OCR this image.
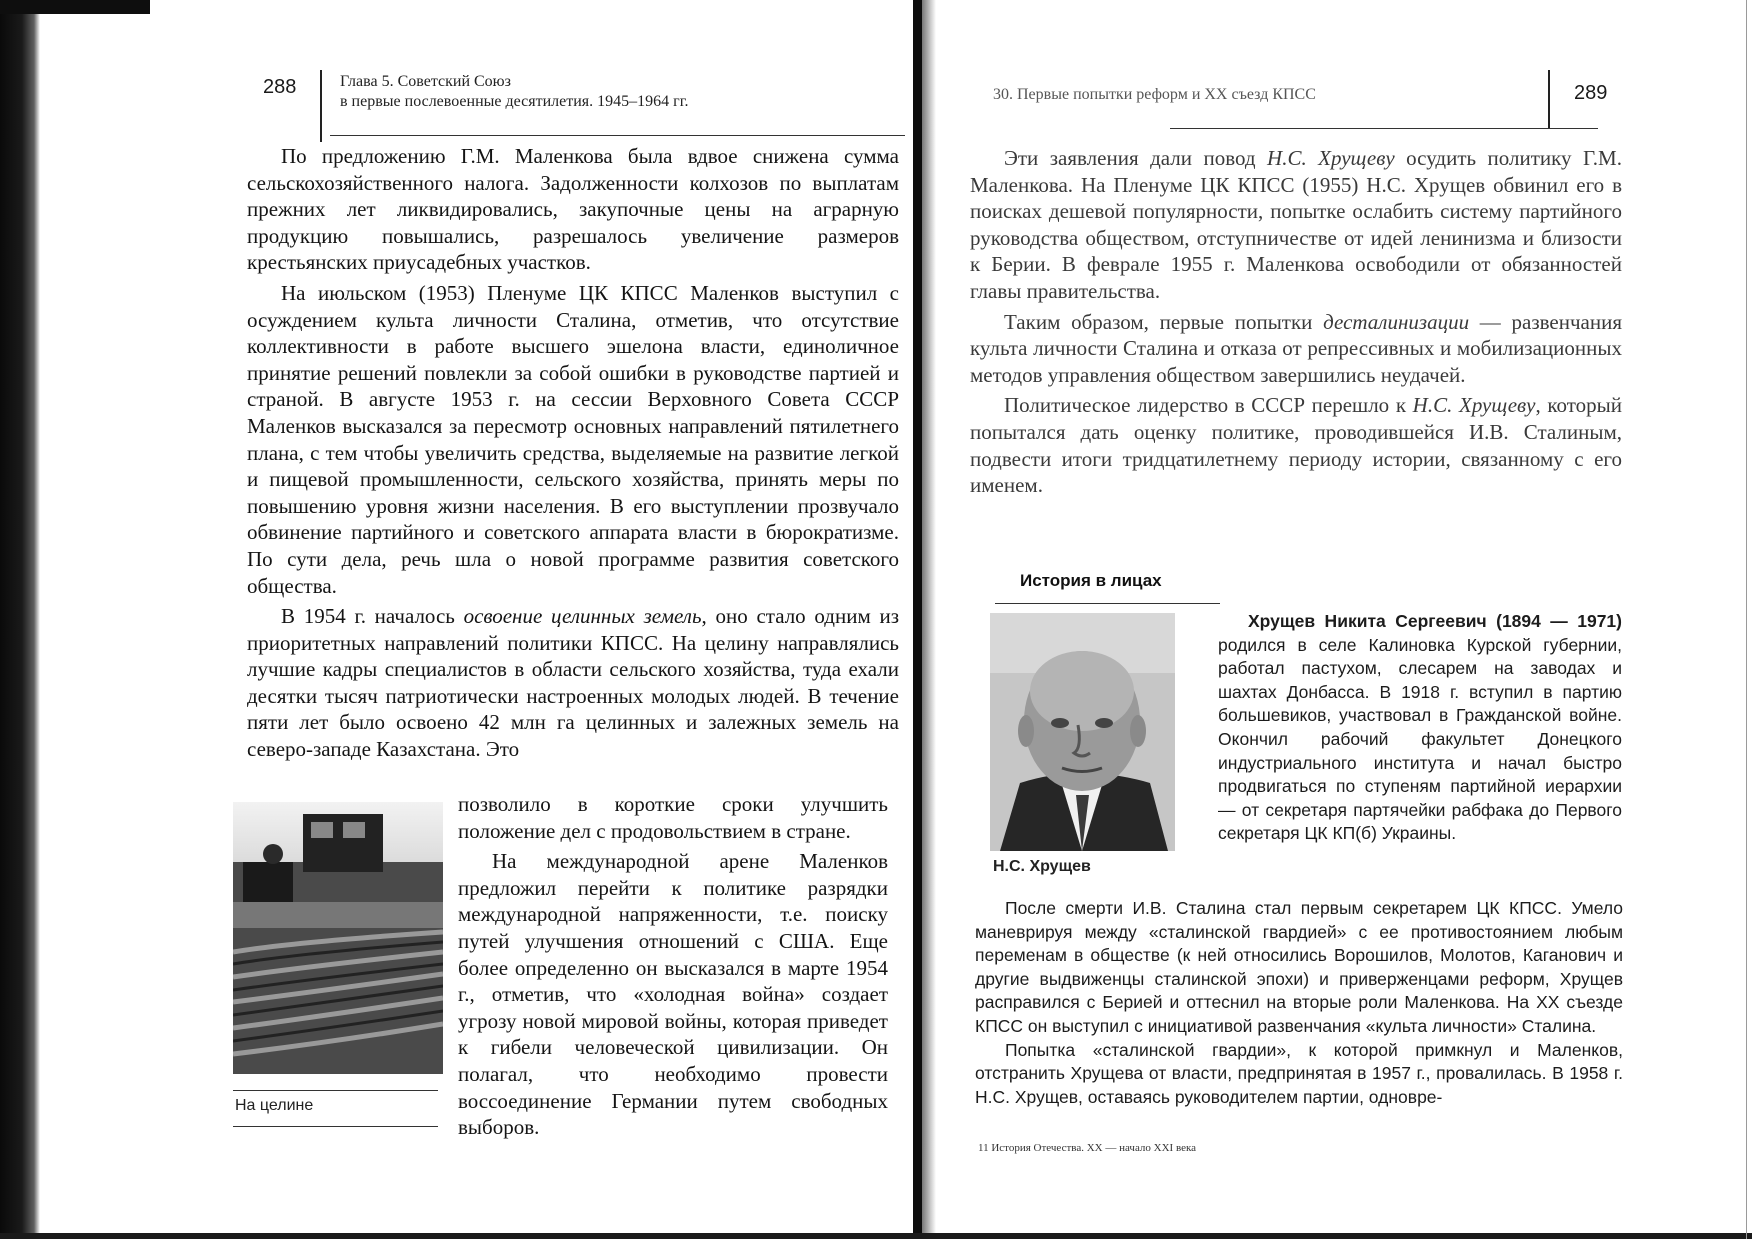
288	Глава 5. Советский Союз
в первые послевоенные десятилетия. 1945–1964 гг.

По предложению Г.М. Маленкова была вдвое снижена сумма сельскохозяйственного налога. Задолженности колхозов по выплатам прежних лет ликвидировались, закупочные цены на аграрную продукцию повышались, разрешалось увеличение размеров крестьянских приусадебных участков.

На июльском (1953) Пленуме ЦК КПСС Маленков выступил с осуждением культа личности Сталина, отметив, что отсутствие коллективности в работе высшего эшелона власти, единоличное принятие решений повлекли за собой ошибки в руководстве партией и страной. В августе 1953 г. на сессии Верховного Совета СССР Маленков высказался за пересмотр основных направлений пятилетнего плана, с тем чтобы увеличить средства, выделяемые на развитие легкой и пищевой промышленности, сельского хозяйства, принять меры по повышению уровня жизни населения. В его выступлении прозвучало обвинение партийного и советского аппарата власти в бюрократизме. По сути дела, речь шла о новой программе развития советского общества.

В 1954 г. началось освоение целинных земель, оно стало одним из приоритетных направлений политики КПСС. На целину направлялись лучшие кадры специалистов в области сельского хозяйства, туда ехали десятки тысяч патриотически настроенных молодых людей. В течение пяти лет было освоено 42 млн га целинных и залежных земель на северо-западе Казахстана. Это

На целине

позволило в короткие сроки улучшить положение дел с продовольствием в стране.

На международной арене Маленков предложил перейти к политике разрядки международной напряженности, т.е. поиску путей улучшения отношений с США. Еще более определенно он высказался в марте 1954 г., отметив, что «холодная война» создает угрозу новой мировой войны, которая приведет к гибели человеческой цивилизации. Он полагал, что необходимо провести воссоединение Германии путем свободных выборов.

30. Первые попытки реформ и XX съезд КПСС	289

Эти заявления дали повод Н.С. Хрущеву осудить политику Г.М. Маленкова. На Пленуме ЦК КПСС (1955) Н.С. Хрущев обвинил его в поисках дешевой популярности, попытке ослабить систему партийного руководства обществом, отступничестве от идей ленинизма и близости к Берии. В феврале 1955 г. Маленкова освободили от обязанностей главы правительства.

Таким образом, первые попытки десталинизации — развенчания культа личности Сталина и отказа от репрессивных и мобилизационных методов управления обществом завершились неудачей.

Политическое лидерство в СССР перешло к Н.С. Хрущеву, который попытался дать оценку политике, проводившейся И.В. Сталиным, подвести итоги тридцатилетнему периоду истории, связанному с его именем.

История в лицах
Н.С. Хрущев

Хрущев Никита Сергеевич (1894 — 1971) родился в селе Калиновка Курской губернии, работал пастухом, слесарем на заводах и шахтах Донбасса. В 1918 г. вступил в партию большевиков, участвовал в Гражданской войне. Окончил рабочий факультет Донецкого индустриального института и начал быстро продвигаться по ступеням партийной иерархии — от секретаря партячейки рабфака до Первого секретаря ЦК КП(б) Украины.

После смерти И.В. Сталина стал первым секретарем ЦК КПСС. Умело маневрируя между «сталинской гвардией» с ее противостоянием любым переменам в обществе (к ней относились Ворошилов, Молотов, Каганович и другие выдвиженцы сталинской эпохи) и приверженцами реформ, Хрущев расправился с Берией и оттеснил на вторые роли Маленкова. На XX съезде КПСС он выступил с инициативой развенчания «культа личности» Сталина.

Попытка «сталинской гвардии», к которой примкнул и Маленков, отстранить Хрущева от власти, предпринятая в 1957 г., провалилась. В 1958 г. Н.С. Хрущев, оставаясь руководителем партии, одновре-

11 История Отечества. XX — начало XXI века
